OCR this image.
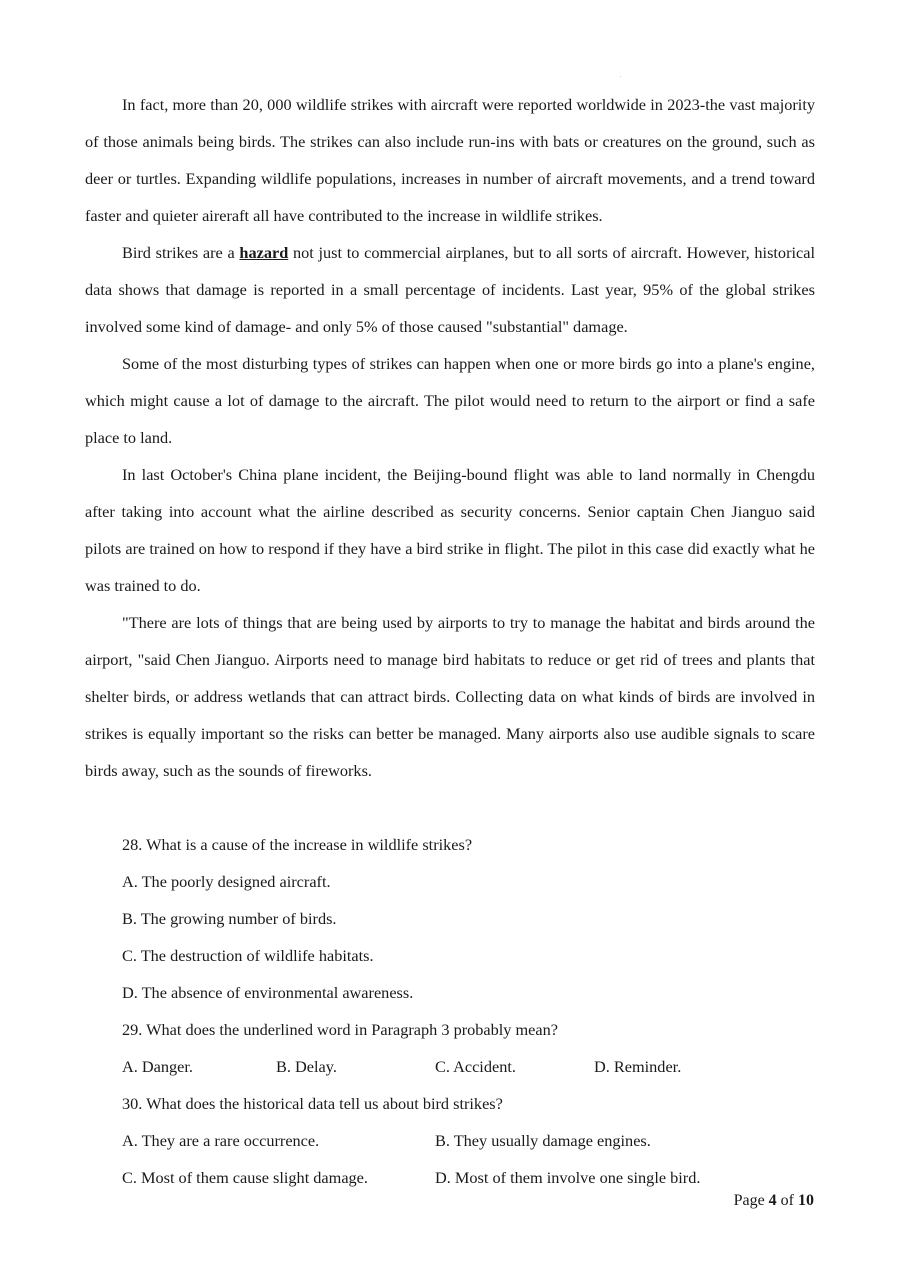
In fact, more than 20, 000 wildlife strikes with aircraft were reported worldwide in 2023-the vast majority of those animals being birds. The strikes can also include run-ins with bats or creatures on the ground, such as deer or turtles. Expanding wildlife populations, increases in number of aircraft movements, and a trend toward faster and quieter aireraft all have contributed to the increase in wildlife strikes.

Bird strikes are a hazard not just to commercial airplanes, but to all sorts of aircraft. However, historical data shows that damage is reported in a small percentage of incidents. Last year, 95% of the global strikes involved some kind of damage- and only 5% of those caused "substantial" damage.

Some of the most disturbing types of strikes can happen when one or more birds go into a plane's engine, which might cause a lot of damage to the aircraft. The pilot would need to return to the airport or find a safe place to land.

In last October's China plane incident, the Beijing-bound flight was able to land normally in Chengdu after taking into account what the airline described as security concerns. Senior captain Chen Jianguo said pilots are trained on how to respond if they have a bird strike in flight. The pilot in this case did exactly what he was trained to do.

"There are lots of things that are being used by airports to try to manage the habitat and birds around the airport, "said Chen Jianguo. Airports need to manage bird habitats to reduce or get rid of trees and plants that shelter birds, or address wetlands that can attract birds. Collecting data on what kinds of birds are involved in strikes is equally important so the risks can better be managed. Many airports also use audible signals to scare birds away, such as the sounds of fireworks.

28. What is a cause of the increase in wildlife strikes?

A. The poorly designed aircraft.

B. The growing number of birds.

C. The destruction of wildlife habitats.

D. The absence of environmental awareness.

29. What does the underlined word in Paragraph 3 probably mean?

A. Danger.	B. Delay.	C. Accident.	D. Reminder.

30. What does the historical data tell us about bird strikes?

A. They are a rare occurrence.	B. They usually damage engines.
C. Most of them cause slight damage.	D. Most of them involve one single bird.
Page 4 of 10
